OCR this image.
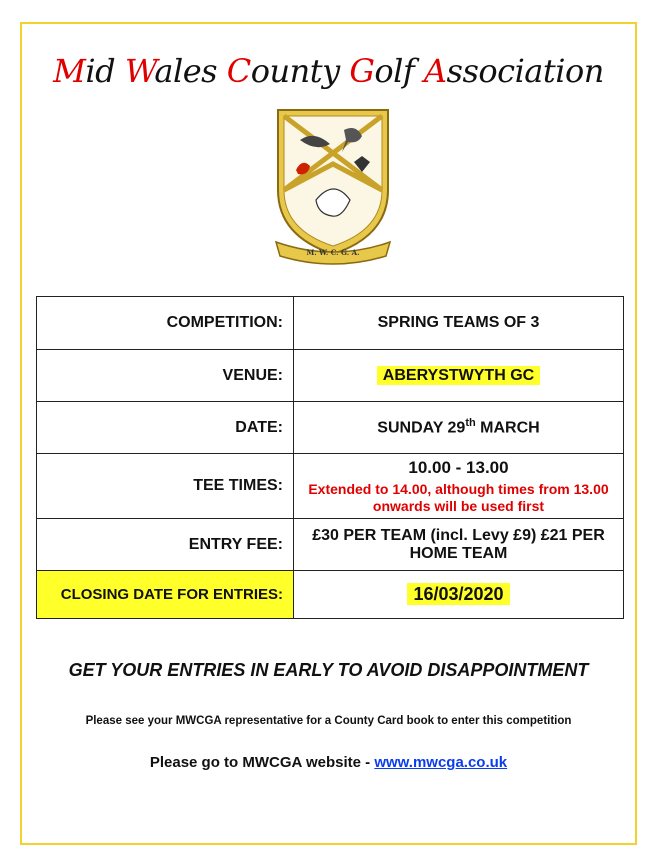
Mid Wales County Golf Association
M. W. C. G. A.
COMPETITION:	SPRING TEAMS OF 3
VENUE:	ABERYSTWYTH GC
DATE:	SUNDAY 29th MARCH
TEE TIMES:	10.00 - 13.00
Extended to 14.00, although times from 13.00 onwards will be used first

ENTRY FEE:	£30 PER TEAM (incl. Levy £9) £21 PER HOME TEAM
CLOSING DATE FOR ENTRIES:	16/03/2020
GET YOUR ENTRIES IN EARLY TO AVOID DISAPPOINTMENT
Please see your MWCGA representative for a County Card book to enter this competition
Please go to MWCGA website - www.mwcga.co.uk
